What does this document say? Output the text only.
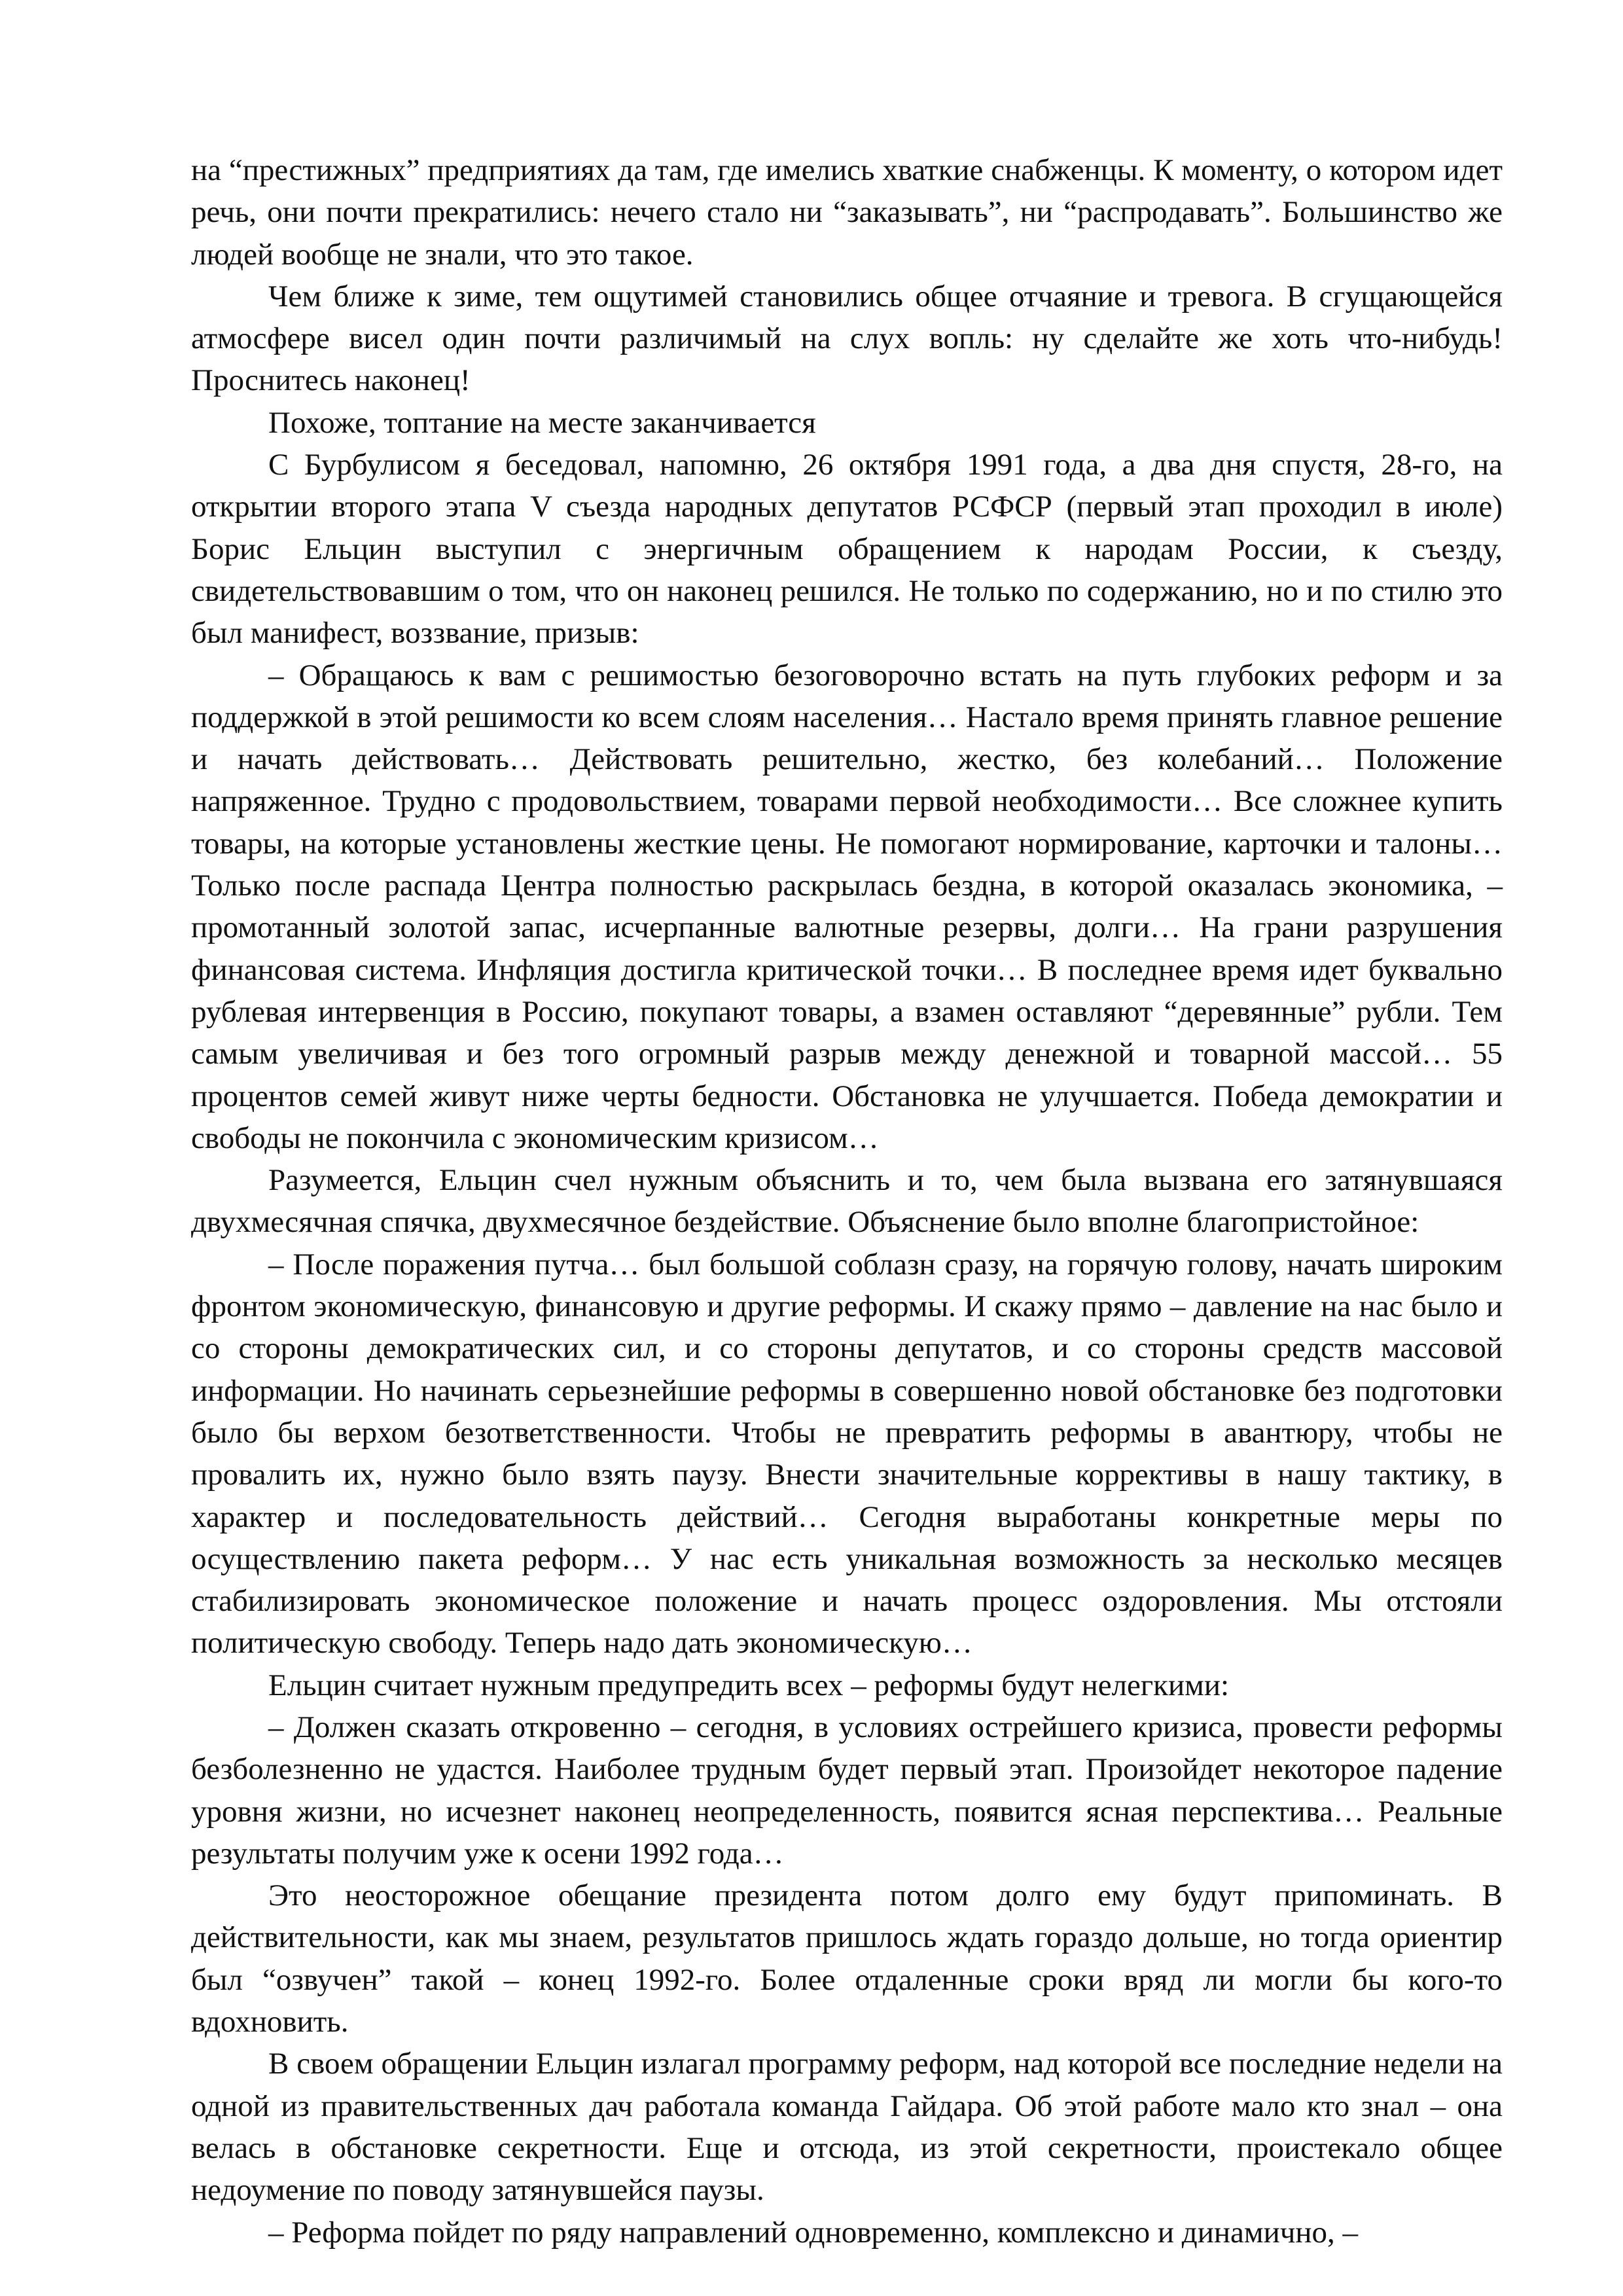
на “престижных” предприятиях да там, где имелись хваткие снабженцы. К моменту, о котором идет речь, они почти прекратились: нечего стало ни “заказывать”, ни “распродавать”. Большинство же людей вообще не знали, что это такое.

Чем ближе к зиме, тем ощутимей становились общее отчаяние и тревога. В сгущающейся атмосфере висел один почти различимый на слух вопль: ну сделайте же хоть что-нибудь! Проснитесь наконец!

Похоже, топтание на месте заканчивается

С Бурбулисом я беседовал, напомню, 26 октября 1991 года, а два дня спустя, 28-го, на открытии второго этапа V съезда народных депутатов РСФСР (первый этап проходил в июле) Борис Ельцин выступил с энергичным обращением к народам России, к съезду, свидетельствовавшим о том, что он наконец решился. Не только по содержанию, но и по стилю это был манифест, воззвание, призыв:

– Обращаюсь к вам с решимостью безоговорочно встать на путь глубоких реформ и за поддержкой в этой решимости ко всем слоям населения… Настало время принять главное решение и начать действовать… Действовать решительно, жестко, без колебаний… Положение напряженное. Трудно с продовольствием, товарами первой необходимости… Все сложнее купить товары, на которые установлены жесткие цены. Не помогают нормирование, карточки и талоны… Только после распада Центра полностью раскрылась бездна, в которой оказалась экономика, – промотанный золотой запас, исчерпанные валютные резервы, долги… На грани разрушения финансовая система. Инфляция достигла критической точки… В последнее время идет буквально рублевая интервенция в Россию, покупают товары, а взамен оставляют “деревянные” рубли. Тем самым увеличивая и без того огромный разрыв между денежной и товарной массой… 55 процентов семей живут ниже черты бедности. Обстановка не улучшается. Победа демократии и свободы не покончила с экономическим кризисом…

Разумеется, Ельцин счел нужным объяснить и то, чем была вызвана его затянувшаяся двухмесячная спячка, двухмесячное бездействие. Объяснение было вполне благопристойное:

– После поражения путча… был большой соблазн сразу, на горячую голову, начать широким фронтом экономическую, финансовую и другие реформы. И скажу прямо – давление на нас было и со стороны демократических сил, и со стороны депутатов, и со стороны средств массовой информации. Но начинать серьезнейшие реформы в совершенно новой обстановке без подготовки было бы верхом безответственности. Чтобы не превратить реформы в авантюру, чтобы не провалить их, нужно было взять паузу. Внести значительные коррективы в нашу тактику, в характер и последовательность действий… Сегодня выработаны конкретные меры по осуществлению пакета реформ… У нас есть уникальная возможность за несколько месяцев стабилизировать экономическое положение и начать процесс оздоровления. Мы отстояли политическую свободу. Теперь надо дать экономическую…

Ельцин считает нужным предупредить всех – реформы будут нелегкими:

– Должен сказать откровенно – сегодня, в условиях острейшего кризиса, провести реформы безболезненно не удастся. Наиболее трудным будет первый этап. Произойдет некоторое падение уровня жизни, но исчезнет наконец неопределенность, появится ясная перспектива… Реальные результаты получим уже к осени 1992 года…

Это неосторожное обещание президента потом долго ему будут припоминать. В действительности, как мы знаем, результатов пришлось ждать гораздо дольше, но тогда ориентир был “озвучен” такой – конец 1992-го. Более отдаленные сроки вряд ли могли бы кого-то вдохновить.

В своем обращении Ельцин излагал программу реформ, над которой все последние недели на одной из правительственных дач работала команда Гайдара. Об этой работе мало кто знал – она велась в обстановке секретности. Еще и отсюда, из этой секретности, проистекало общее недоумение по поводу затянувшейся паузы.

– Реформа пойдет по ряду направлений одновременно, комплексно и динамично, –
